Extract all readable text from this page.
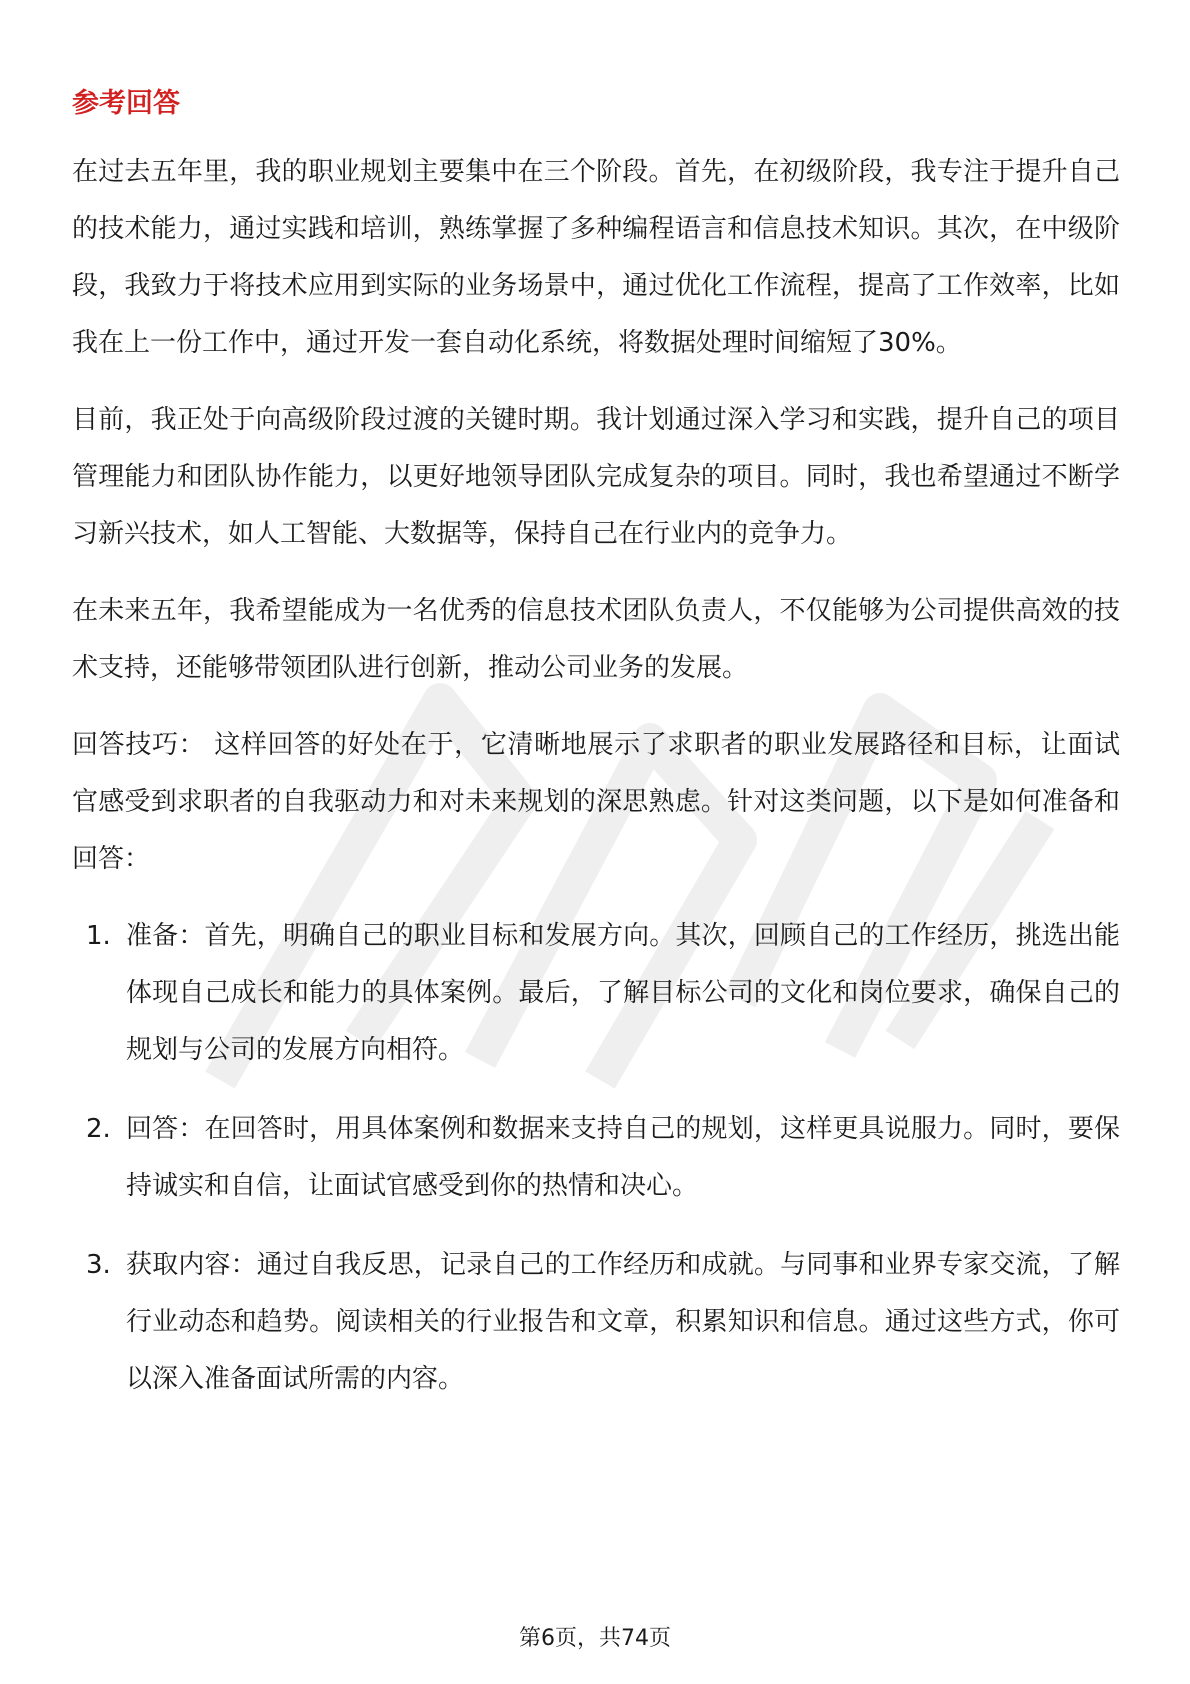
参考回答

在过去五年里，我的职业规划主要集中在三个阶段。首先，在初级阶段，我专注于提升自己的技术能力，通过实践和培训，熟练掌握了多种编程语言和信息技术知识。其次，在中级阶段，我致力于将技术应用到实际的业务场景中，通过优化工作流程，提高了工作效率，比如我在上一份工作中，通过开发一套自动化系统，将数据处理时间缩短了30%。

目前，我正处于向高级阶段过渡的关键时期。我计划通过深入学习和实践，提升自己的项目管理能力和团队协作能力，以更好地领导团队完成复杂的项目。同时，我也希望通过不断学习新兴技术，如人工智能、大数据等，保持自己在行业内的竞争力。

在未来五年，我希望能成为一名优秀的信息技术团队负责人，不仅能够为公司提供高效的技术支持，还能够带领团队进行创新，推动公司业务的发展。

回答技巧： 这样回答的好处在于，它清晰地展示了求职者的职业发展路径和目标，让面试官感受到求职者的自我驱动力和对未来规划的深思熟虑。针对这类问题，以下是如何准备和回答：

1. 准备：首先，明确自己的职业目标和发展方向。其次，回顾自己的工作经历，挑选出能体现自己成长和能力的具体案例。最后，了解目标公司的文化和岗位要求，确保自己的规划与公司的发展方向相符。
2. 回答：在回答时，用具体案例和数据来支持自己的规划，这样更具说服力。同时，要保持诚实和自信，让面试官感受到你的热情和决心。
3. 获取内容：通过自我反思，记录自己的工作经历和成就。与同事和业界专家交流，了解行业动态和趋势。阅读相关的行业报告和文章，积累知识和信息。通过这些方式，你可以深入准备面试所需的内容。
第6页，共74页
